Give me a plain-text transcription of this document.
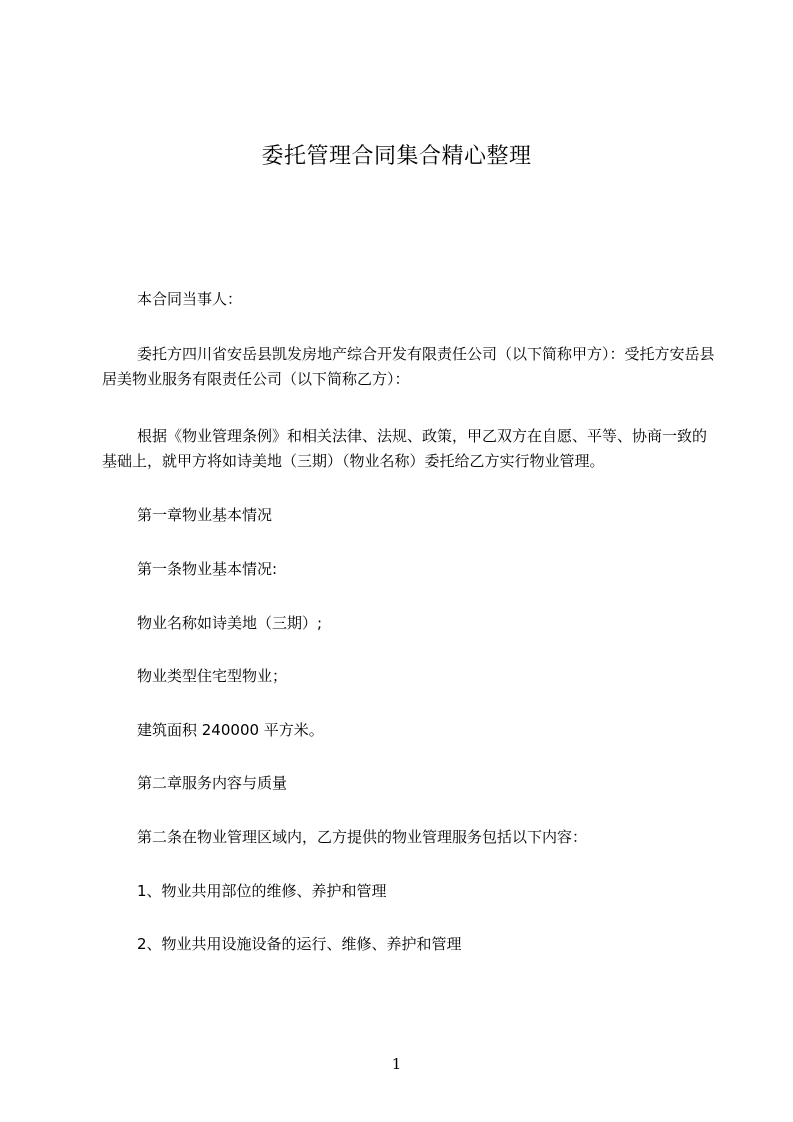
委托管理合同集合精心整理

本合同当事人：

委托方四川省安岳县凯发房地产综合开发有限责任公司（以下简称甲方）：受托方安岳县居美物业服务有限责任公司（以下简称乙方）：

根据《物业管理条例》和相关法律、法规、政策，甲乙双方在自愿、平等、协商一致的基础上，就甲方将如诗美地（三期）（物业名称）委托给乙方实行物业管理。

第一章物业基本情况

第一条物业基本情况:

物业名称如诗美地（三期）;

物业类型住宅型物业；

建筑面积 240000 平方米。

第二章服务内容与质量

第二条在物业管理区域内，乙方提供的物业管理服务包括以下内容：

1、物业共用部位的维修、养护和管理

2、物业共用设施设备的运行、维修、养护和管理

1
